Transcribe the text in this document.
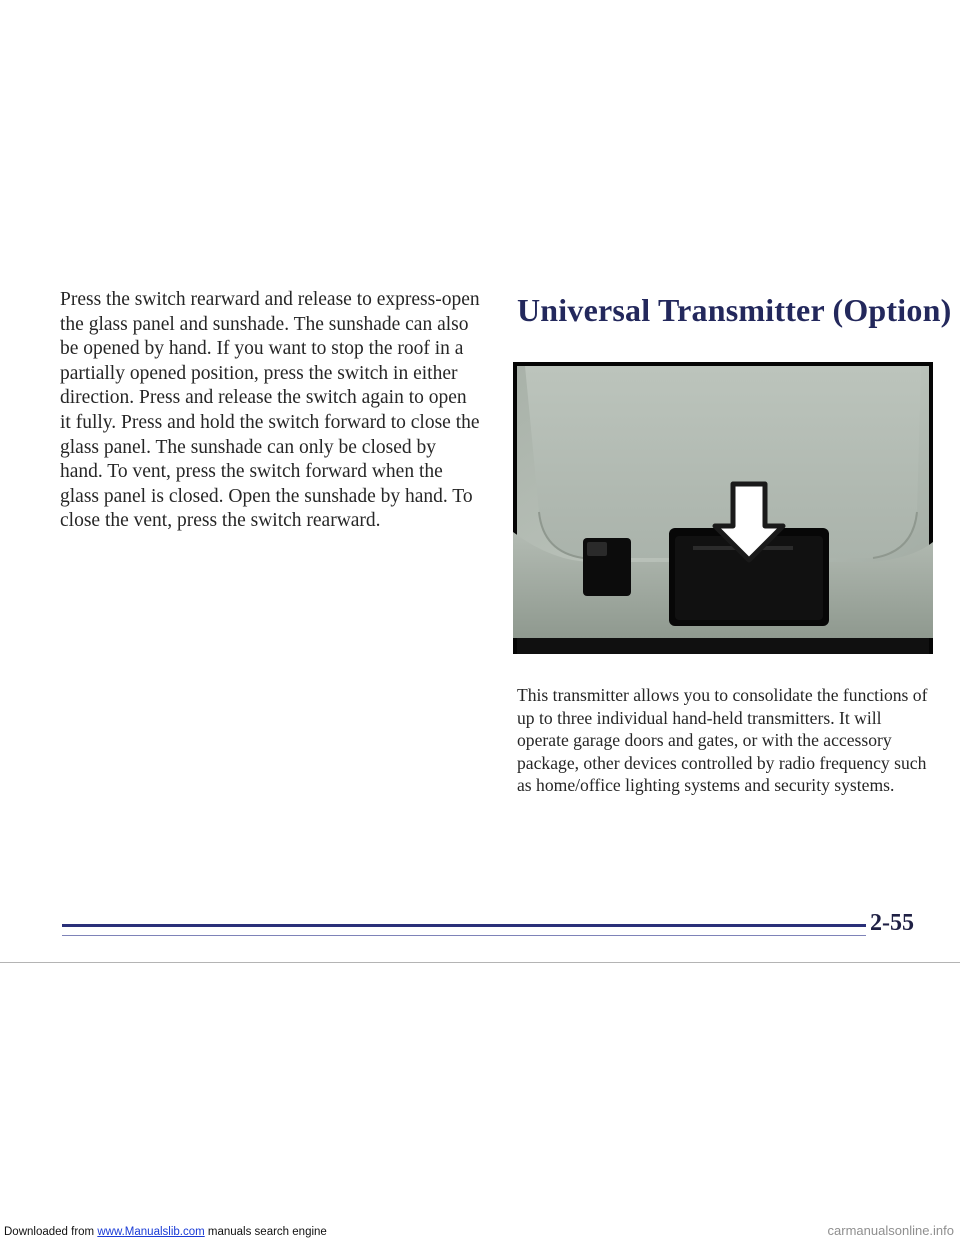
Press the switch rearward and release to express-open the glass panel and sunshade. The sunshade can also be opened by hand. If you want to stop the roof in a partially opened position, press the switch in either direction. Press and release the switch again to open it fully. Press and hold the switch forward to close the glass panel. The sunshade can only be closed by hand. To vent, press the switch forward when the glass panel is closed. Open the sunshade by hand. To close the vent, press the switch rearward.

Universal Transmitter (Option)

This transmitter allows you to consolidate the functions of up to three individual hand-held transmitters. It will operate garage doors and gates, or with the accessory package, other devices controlled by radio frequency such as home/office lighting systems and security systems.

2-55

Downloaded from www.Manualslib.com manuals search engine	carmanualsonline.info
